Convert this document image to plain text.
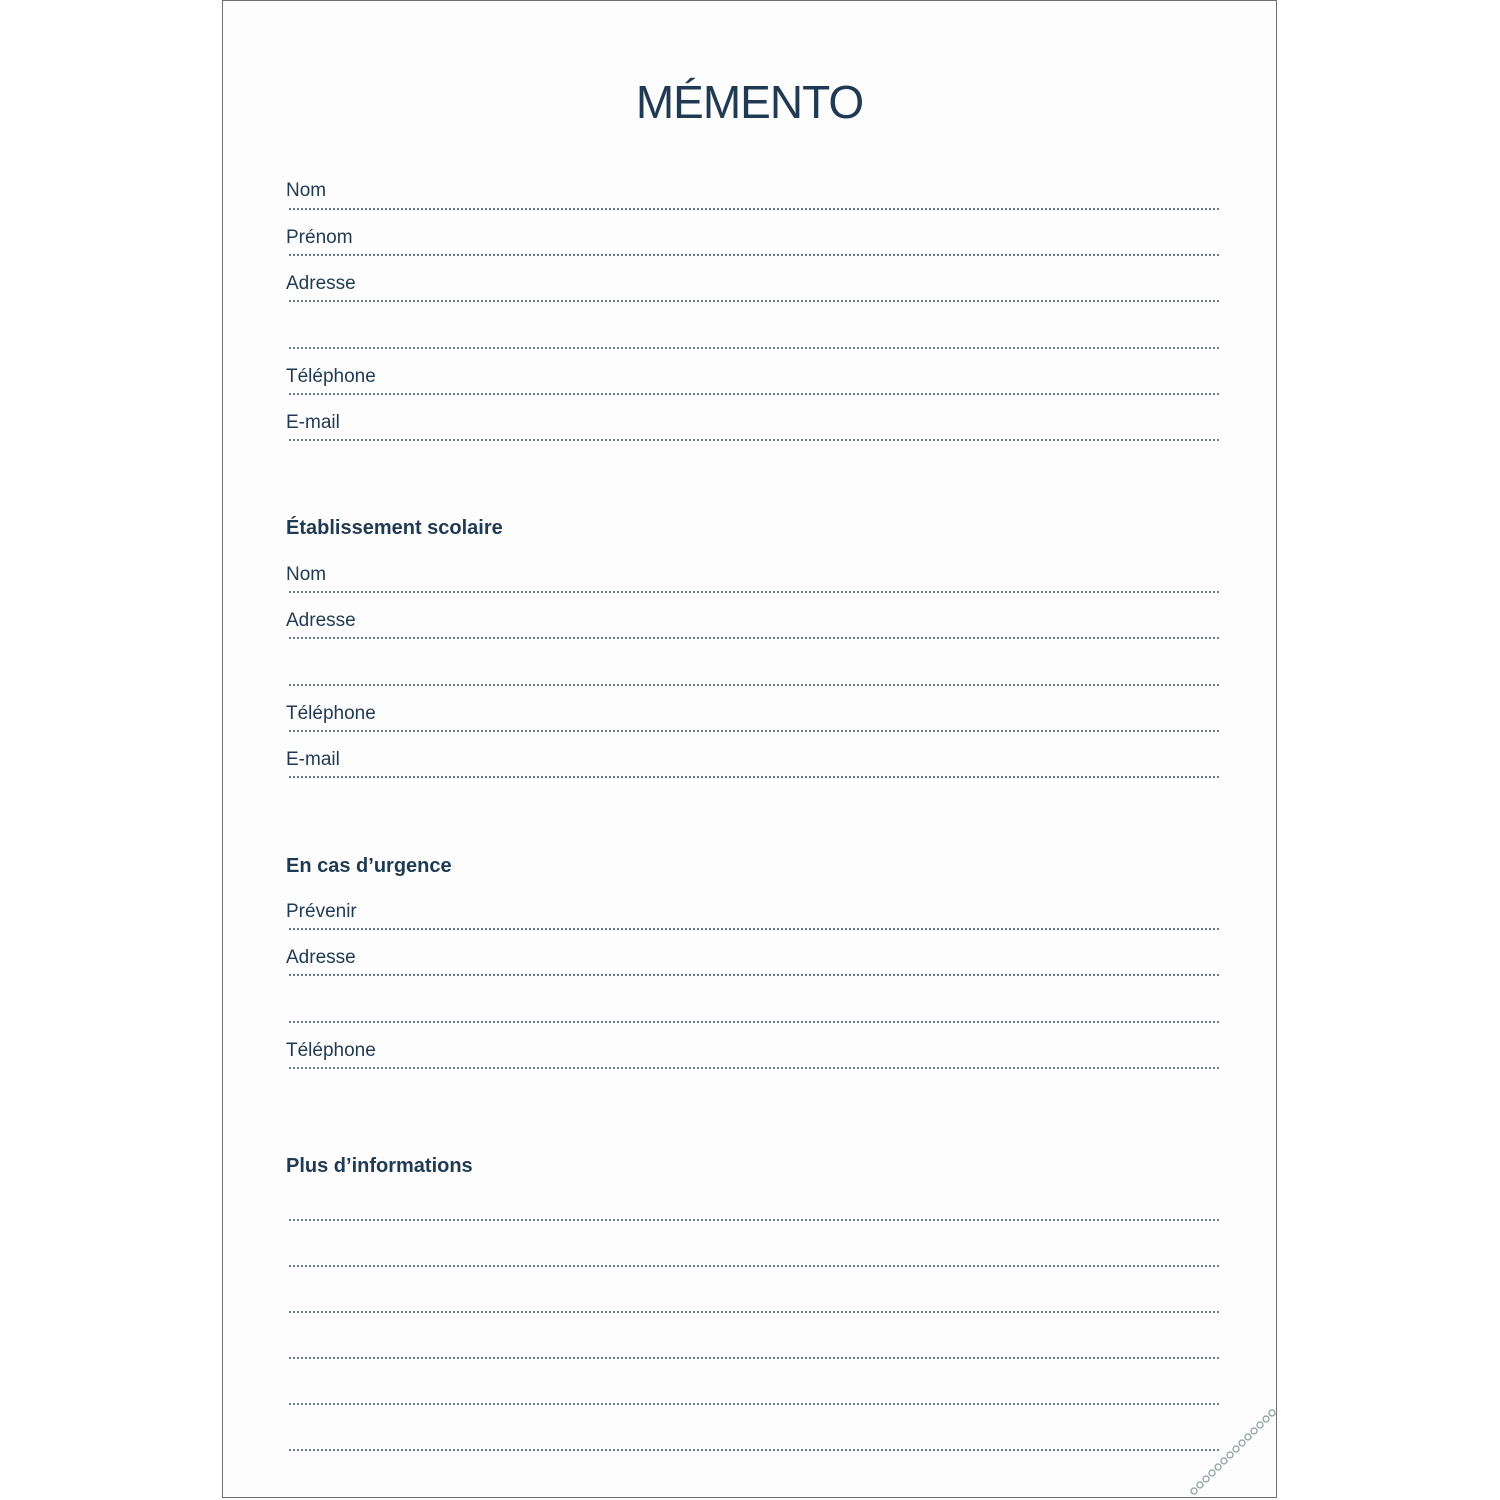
MÉMENTO
Nom
Prénom
Adresse
Téléphone
E-mail
Établissement scolaire
Nom
Adresse
Téléphone
E-mail
En cas d’urgence
Prévenir
Adresse
Téléphone
Plus d’informations
